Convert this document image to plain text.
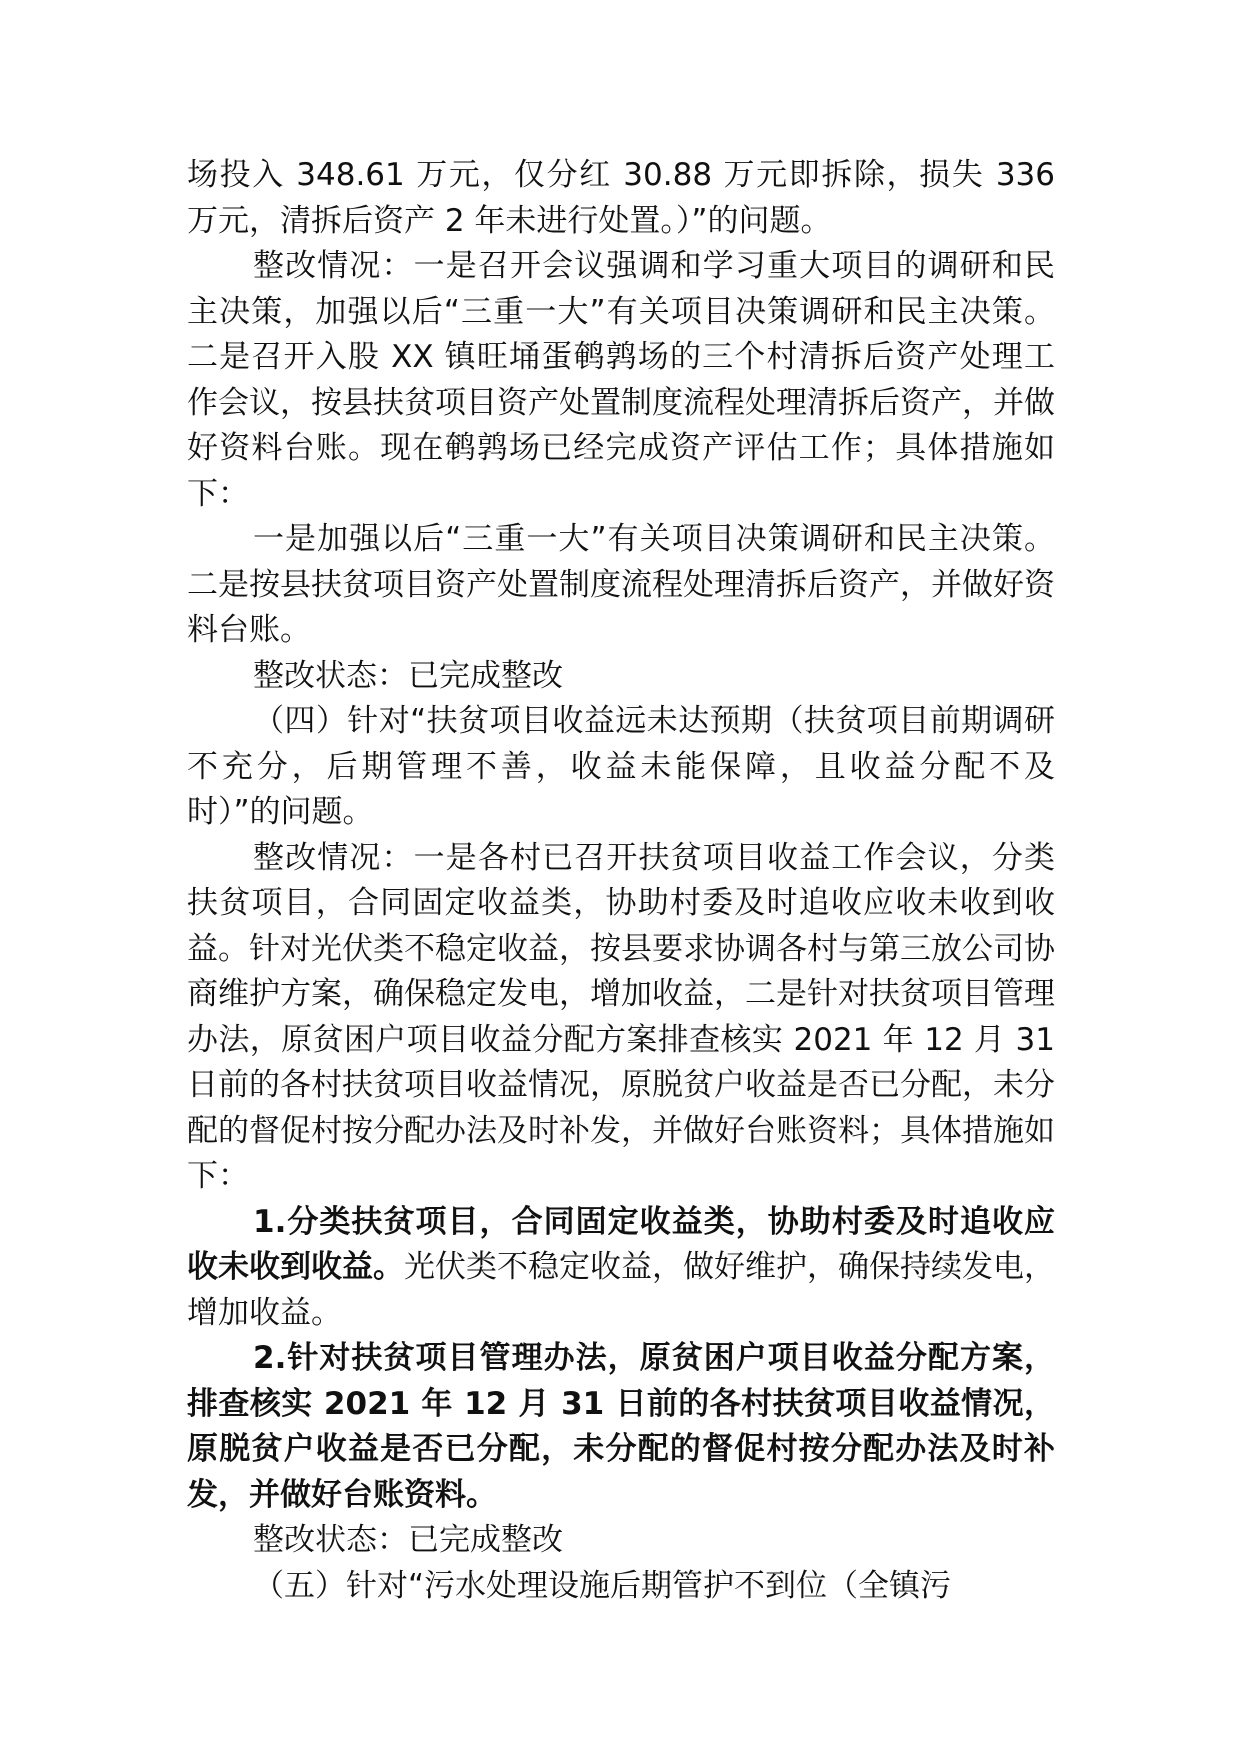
场投入 348.61 万元，仅分红 30.88 万元即拆除，损失 336 万元，清拆后资产 2 年未进行处置。）”的问题。

整改情况：一是召开会议强调和学习重大项目的调研和民主决策，加强以后“三重一大”有关项目决策调研和民主决策。二是召开入股 XX 镇旺埇蛋鹌鹑场的三个村清拆后资产处理工作会议，按县扶贫项目资产处置制度流程处理清拆后资产，并做好资料台账。现在鹌鹑场已经完成资产评估工作；具体措施如下：

一是加强以后“三重一大”有关项目决策调研和民主决策。二是按县扶贫项目资产处置制度流程处理清拆后资产，并做好资料台账。

整改状态：已完成整改

（四）针对“扶贫项目收益远未达预期（扶贫项目前期调研不充分，后期管理不善，收益未能保障，且收益分配不及时）”的问题。

整改情况：一是各村已召开扶贫项目收益工作会议，分类扶贫项目，合同固定收益类，协助村委及时追收应收未收到收益。针对光伏类不稳定收益，按县要求协调各村与第三放公司协商维护方案，确保稳定发电，增加收益，二是针对扶贫项目管理办法，原贫困户项目收益分配方案排查核实 2021 年 12 月 31 日前的各村扶贫项目收益情况，原脱贫户收益是否已分配，未分配的督促村按分配办法及时补发，并做好台账资料；具体措施如下：

1.分类扶贫项目，合同固定收益类，协助村委及时追收应收未收到收益。光伏类不稳定收益，做好维护，确保持续发电，增加收益。

2.针对扶贫项目管理办法，原贫困户项目收益分配方案，排查核实 2021 年 12 月 31 日前的各村扶贫项目收益情况，原脱贫户收益是否已分配，未分配的督促村按分配办法及时补发，并做好台账资料。

整改状态：已完成整改

（五）针对“污水处理设施后期管护不到位（全镇污
